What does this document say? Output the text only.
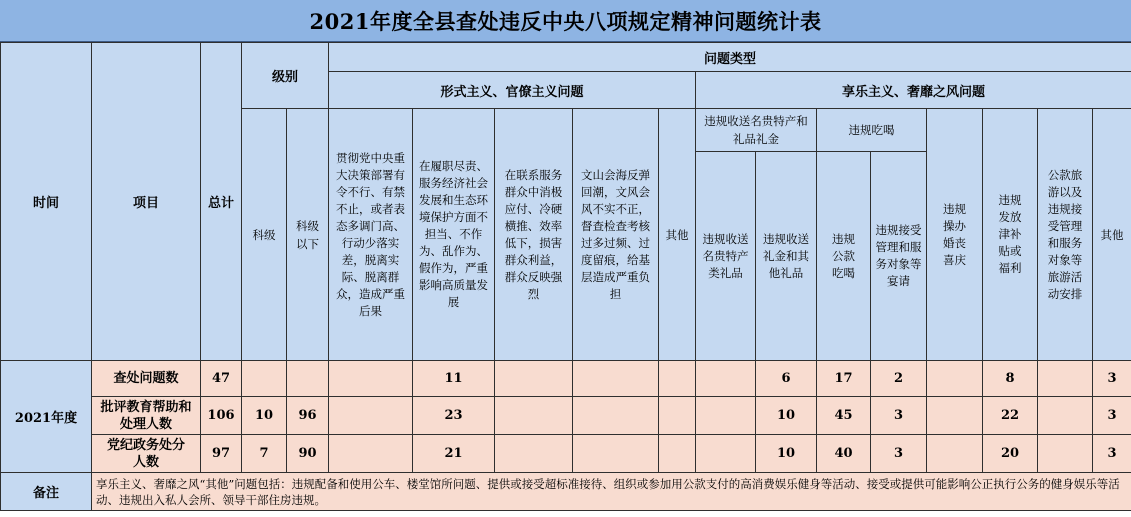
2021年度全县查处违反中央八项规定精神问题统计表
时间	项目	总计	级别		问题类型												
					形式主义、官僚主义问题					享乐主义、奢靡之风问题							
			科级	科级以下	贯彻党中央重大决策部署有令不行、有禁不止，或者表态多调门高、行动少落实差，脱离实际、脱离群众，造成严重后果	在履职尽责、服务经济社会发展和生态环境保护方面不担当、不作为、乱作为、假作为，严重影响高质量发展	在联系服务群众中消极应付、冷硬横推、效率低下，损害群众利益，群众反映强烈	文山会海反弹回潮，文风会风不实不正，督查检查考核过多过频、过度留痕，给基层造成严重负担	其他	违规收送名贵特产和礼品礼金		违规吃喝		违规操办婚丧喜庆	违规发放津补贴或福利	公款旅游以及违规接受管理和服务对象等旅游活动安排	其他
										违规收送名贵特产类礼品	违规收送礼金和其他礼品	违规公款吃喝	违规接受管理和服务对象等宴请				
2021年度	查处问题数	47				11					6	17	2		8		3
	批评教育帮助和处理人数	106	10	96		23					10	45	3		22		3
	党纪政务处分人数	97	7	90		21					10	40	3		20		3
备注	享乐主义、奢靡之风“其他”问题包括：违规配备和使用公车、楼堂馆所问题、提供或接受超标准接待、组织或参加用公款支付的高消费娱乐健身等活动、接受或提供可能影响公正执行公务的健身娱乐等活动、违规出入私人会所、领导干部住房违规。																
